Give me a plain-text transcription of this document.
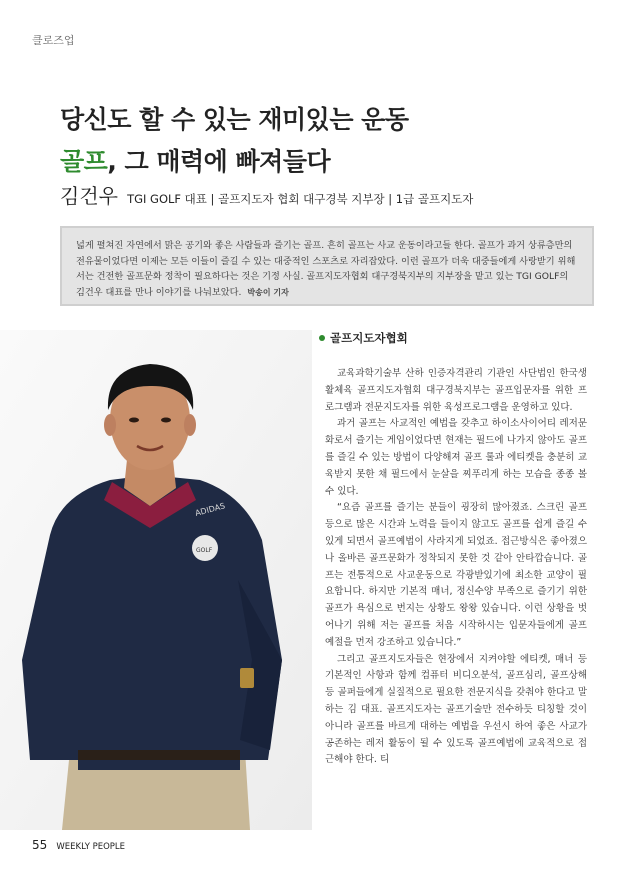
클로즈업
당신도 할 수 있는 재미있는 운동
골프, 그 매력에 빠져들다
김건우 TGI GOLF 대표 | 골프지도자 협회 대구경북 지부장 | 1급 골프지도자
넓게 펼쳐진 자연에서 맑은 공기와 좋은 사람들과 즐기는 골프. 흔히 골프는 사교 운동이라고들 한다. 골프가 과거 상류층만의 전유물이었다면 이제는 모든 이들이 즐길 수 있는 대중적인 스포츠로 자리잡았다. 이런 골프가 더욱 대중들에게 사랑받기 위해서는 건전한 골프문화 정착이 필요하다는 것은 기정 사실. 골프지도자협회 대구경북지부의 지부장을 맡고 있는 TGI GOLF의 김건우 대표를 만나 이야기를 나눠보았다. 박송이 기자
ADIDAS
GOLF
골프지도자협회

교육과학기술부 산하 인증자격관리 기관인 사단법인 한국생활체육 골프지도자협회 대구경북지부는 골프입문자를 위한 프로그램과 전문지도자를 위한 육성프로그램을 운영하고 있다.

과거 골프는 사교적인 예법을 갖추고 하이소사이어티 레저문화로서 즐기는 게임이었다면 현재는 필드에 나가지 않아도 골프를 즐길 수 있는 방법이 다양해져 골프 룰과 에티켓을 충분히 교육받지 못한 채 필드에서 눈살을 찌푸리게 하는 모습을 종종 볼 수 있다.

“요즘 골프를 즐기는 분들이 굉장히 많아졌죠. 스크린 골프 등으로 많은 시간과 노력을 들이지 않고도 골프를 쉽게 즐길 수 있게 되면서 골프예법이 사라지게 되었죠. 접근방식은 좋아졌으나 올바른 골프문화가 정착되지 못한 것 같아 안타깝습니다. 골프는 전통적으로 사교운동으로 각광받있기에 최소한 교양이 필요합니다. 하지만 기본적 매너, 정신수양 부족으로 즐기기 위한 골프가 욕심으로 번지는 상황도 왕왕 있습니다. 이런 상황을 벗어나기 위해 저는 골프를 처음 시작하시는 입문자들에게 골프 예절을 먼저 강조하고 있습니다.”

그리고 골프지도자들은 현장에서 지켜야할 에티켓, 매너 등 기본적인 사항과 함께 컴퓨터 비디오분석, 골프심리, 골프상해 등 골퍼들에게 실질적으로 필요한 전문지식을 갖춰야 한다고 말하는 김 대표. 골프지도자는 골프기술만 전수하듯 티칭할 것이 아니라 골프를 바르게 대하는 예법을 우선시 하여 좋은 사교가 공존하는 레저 활동이 될 수 있도록 골프예법에 교육적으로 접근해야 한다. 티

55 WEEKLY PEOPLE
